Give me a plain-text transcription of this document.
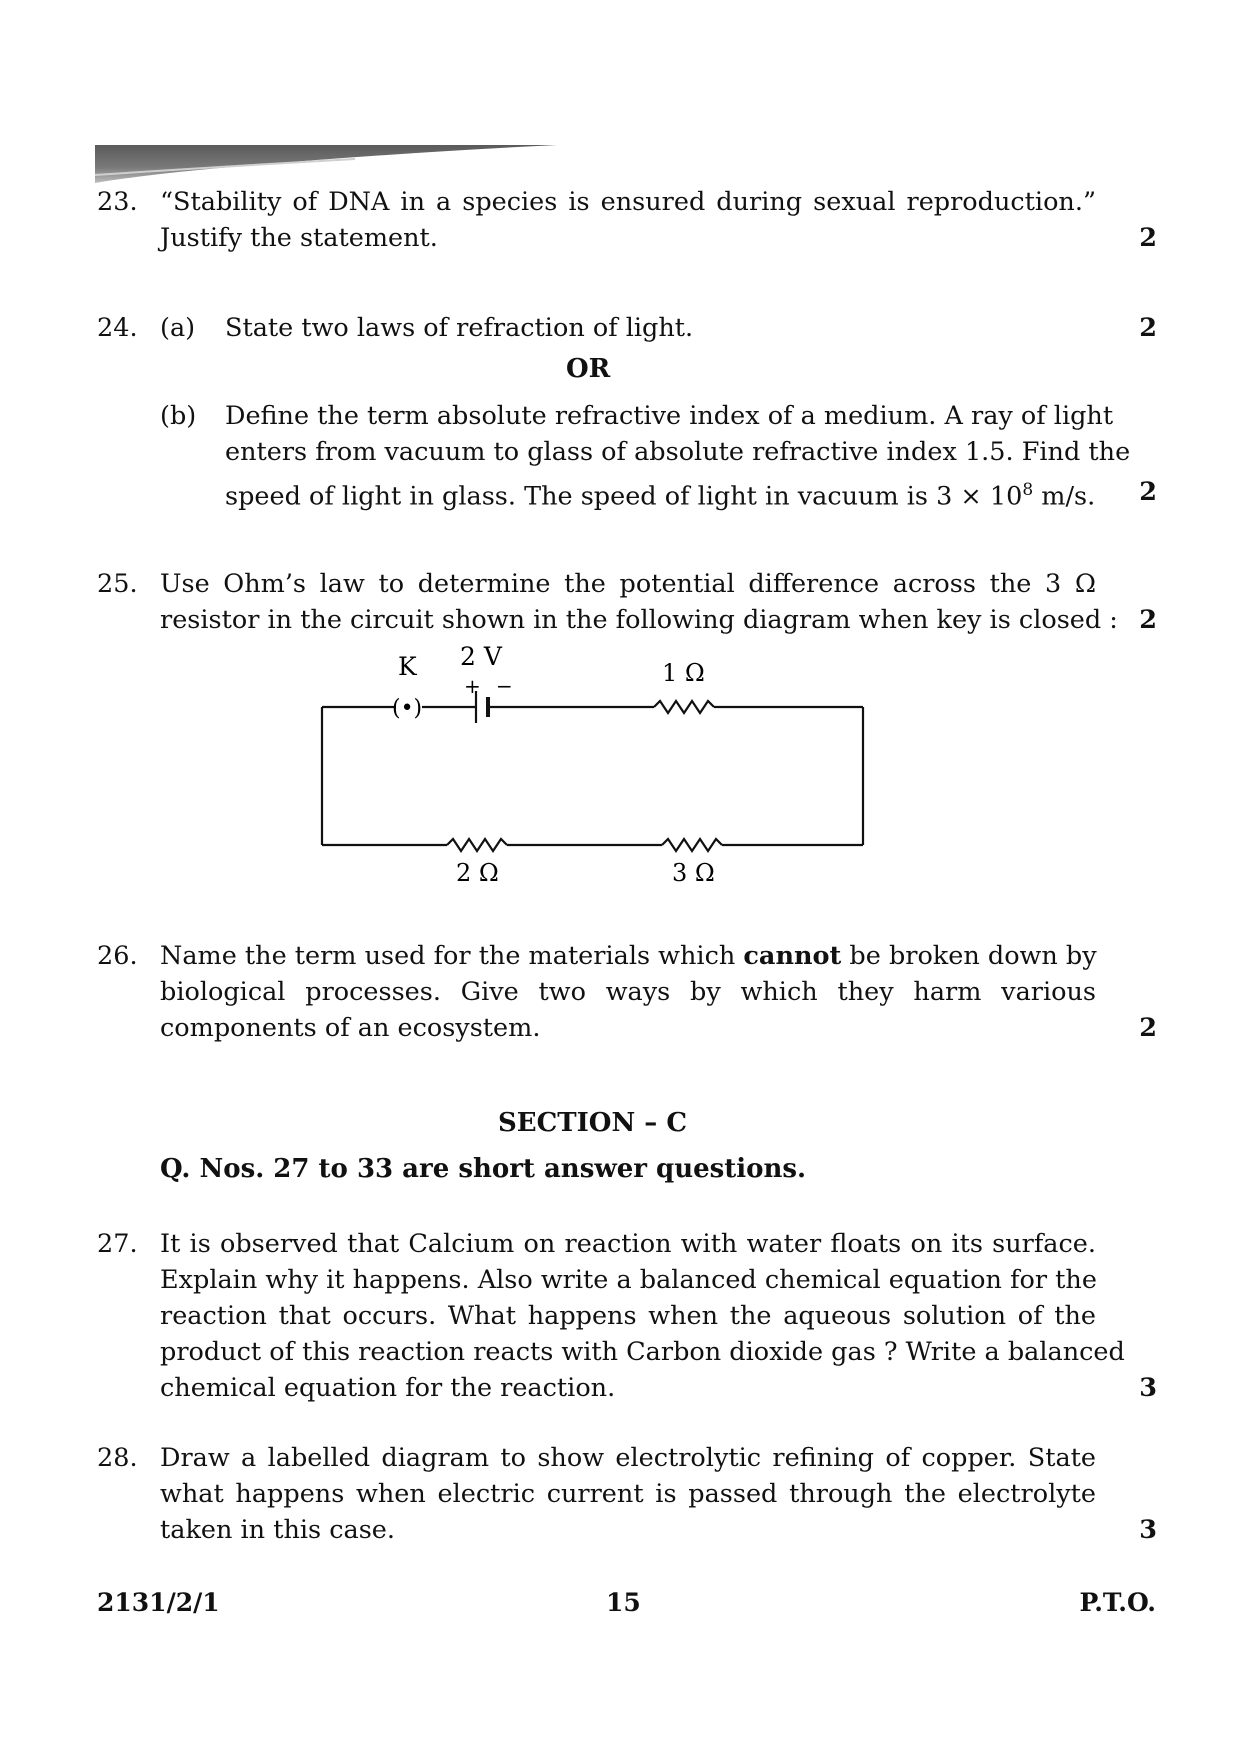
23. “Stability of DNA in a species is ensured during sexual reproduction.”
Justify the statement.	2
24. (a) State two laws of refraction of light.	2
OR
(b) Define the term absolute refractive index of a medium. A ray of light
enters from vacuum to glass of absolute refractive index 1.5. Find the
speed of light in glass. The speed of light in vacuum is $3 \times 10^8$ m/s. 2
25. Use Ohm’s law to determine the potential difference across the 3 Ω
resistor in the circuit shown in the following diagram when key is closed : 2
(•)
K 2 V
+ −	1 Ω
2 Ω	3 Ω
26. Name the term used for the materials which cannot be broken down by
biological processes. Give two ways by which they harm various
components of an ecosystem.	2
SECTION – C
Q. Nos. 27 to 33 are short answer questions.
27. It is observed that Calcium on reaction with water floats on its surface.
Explain why it happens. Also write a balanced chemical equation for the
reaction that occurs. What happens when the aqueous solution of the
product of this reaction reacts with Carbon dioxide gas ? Write a balanced
chemical equation for the reaction.	3
28. Draw a labelled diagram to show electrolytic refining of copper. State
what happens when electric current is passed through the electrolyte
taken in this case.	3
2131/2/1	15	P.T.O.
